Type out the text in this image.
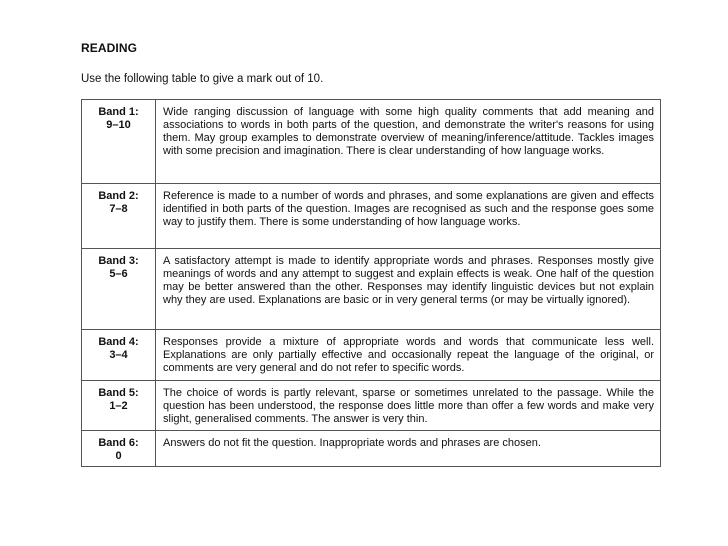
READING
Use the following table to give a mark out of 10.
Band 1:
9–10	Wide ranging discussion of language with some high quality comments that add meaning and associations to words in both parts of the question, and demonstrate the writer's reasons for using them. May group examples to demonstrate overview of meaning/inference/attitude. Tackles images with some precision and imagination. There is clear understanding of how language works.

Band 2:
7–8	Reference is made to a number of words and phrases, and some explanations are given and effects identified in both parts of the question. Images are recognised as such and the response goes some way to justify them. There is some understanding of how language works.

Band 3:
5–6	A satisfactory attempt is made to identify appropriate words and phrases. Responses mostly give meanings of words and any attempt to suggest and explain effects is weak. One half of the question may be better answered than the other. Responses may identify linguistic devices but not explain why they are used. Explanations are basic or in very general terms (or may be virtually ignored).

Band 4:
3–4	Responses provide a mixture of appropriate words and words that communicate less well. Explanations are only partially effective and occasionally repeat the language of the original, or comments are very general and do not refer to specific words.

Band 5:
1–2	The choice of words is partly relevant, sparse or sometimes unrelated to the passage. While the question has been understood, the response does little more than offer a few words and make very slight, generalised comments. The answer is very thin.

Band 6:
0	Answers do not fit the question. Inappropriate words and phrases are chosen.
